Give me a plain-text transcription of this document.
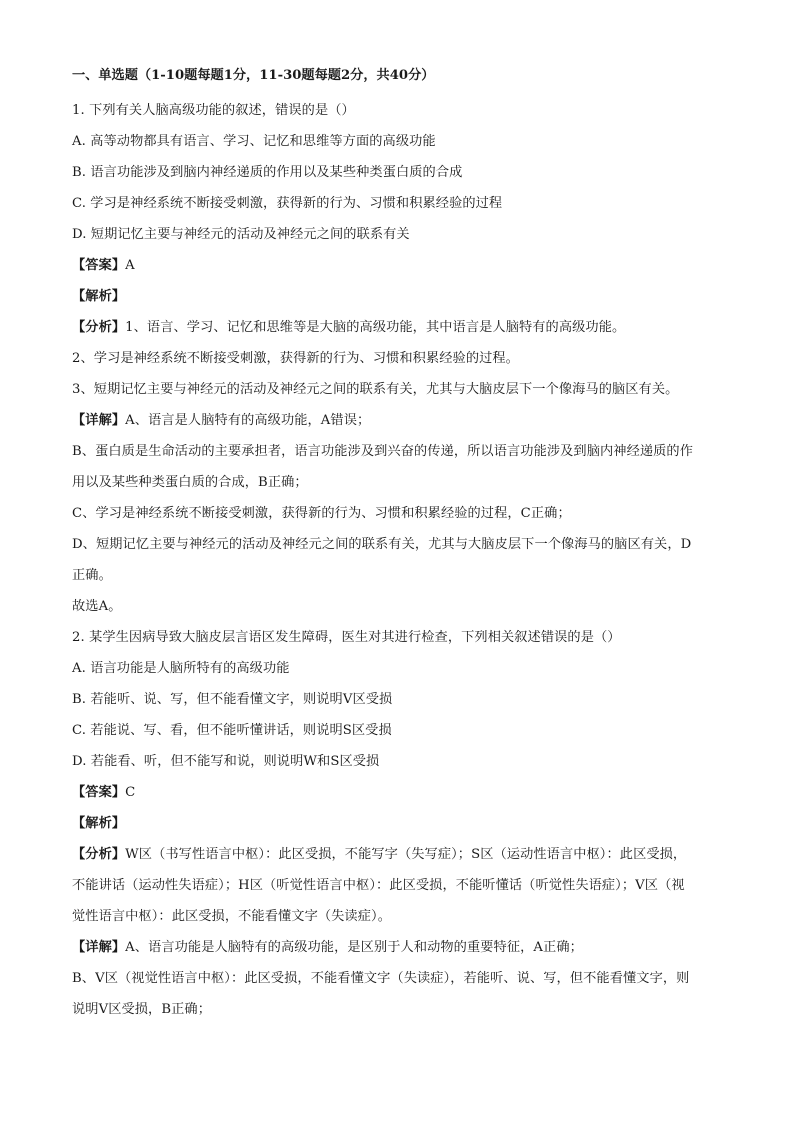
一、单选题（1-10题每题1分，11-30题每题2分，共40分）
1. 下列有关人脑高级功能的叙述，错误的是（）
A. 高等动物都具有语言、学习、记忆和思维等方面的高级功能
B. 语言功能涉及到脑内神经递质的作用以及某些种类蛋白质的合成
C. 学习是神经系统不断接受刺激，获得新的行为、习惯和积累经验的过程
D. 短期记忆主要与神经元的活动及神经元之间的联系有关
【答案】A
【解析】
【分析】1、语言、学习、记忆和思维等是大脑的高级功能，其中语言是人脑特有的高级功能。
2、学习是神经系统不断接受刺激，获得新的行为、习惯和积累经验的过程。
3、短期记忆主要与神经元的活动及神经元之间的联系有关，尤其与大脑皮层下一个像海马的脑区有关。
【详解】A、语言是人脑特有的高级功能，A错误；
B、蛋白质是生命活动的主要承担者，语言功能涉及到兴奋的传递，所以语言功能涉及到脑内神经递质的作
用以及某些种类蛋白质的合成，B正确；
C、学习是神经系统不断接受刺激，获得新的行为、习惯和积累经验的过程，C正确；
D、短期记忆主要与神经元的活动及神经元之间的联系有关，尤其与大脑皮层下一个像海马的脑区有关，D
正确。
故选A。
2. 某学生因病导致大脑皮层言语区发生障碍，医生对其进行检查，下列相关叙述错误的是（）
A. 语言功能是人脑所特有的高级功能
B. 若能听、说、写，但不能看懂文字，则说明V区受损
C. 若能说、写、看，但不能听懂讲话，则说明S区受损
D. 若能看、听，但不能写和说，则说明W和S区受损
【答案】C
【解析】
【分析】W区（书写性语言中枢）：此区受损，不能写字（失写症）；S区（运动性语言中枢）：此区受损，
不能讲话（运动性失语症）；H区（听觉性语言中枢）：此区受损，不能听懂话（听觉性失语症）；V区（视
觉性语言中枢）：此区受损，不能看懂文字（失读症）。
【详解】A、语言功能是人脑特有的高级功能，是区别于人和动物的重要特征，A正确；
B、V区（视觉性语言中枢）：此区受损，不能看懂文字（失读症），若能听、说、写，但不能看懂文字，则
说明V区受损，B正确；
